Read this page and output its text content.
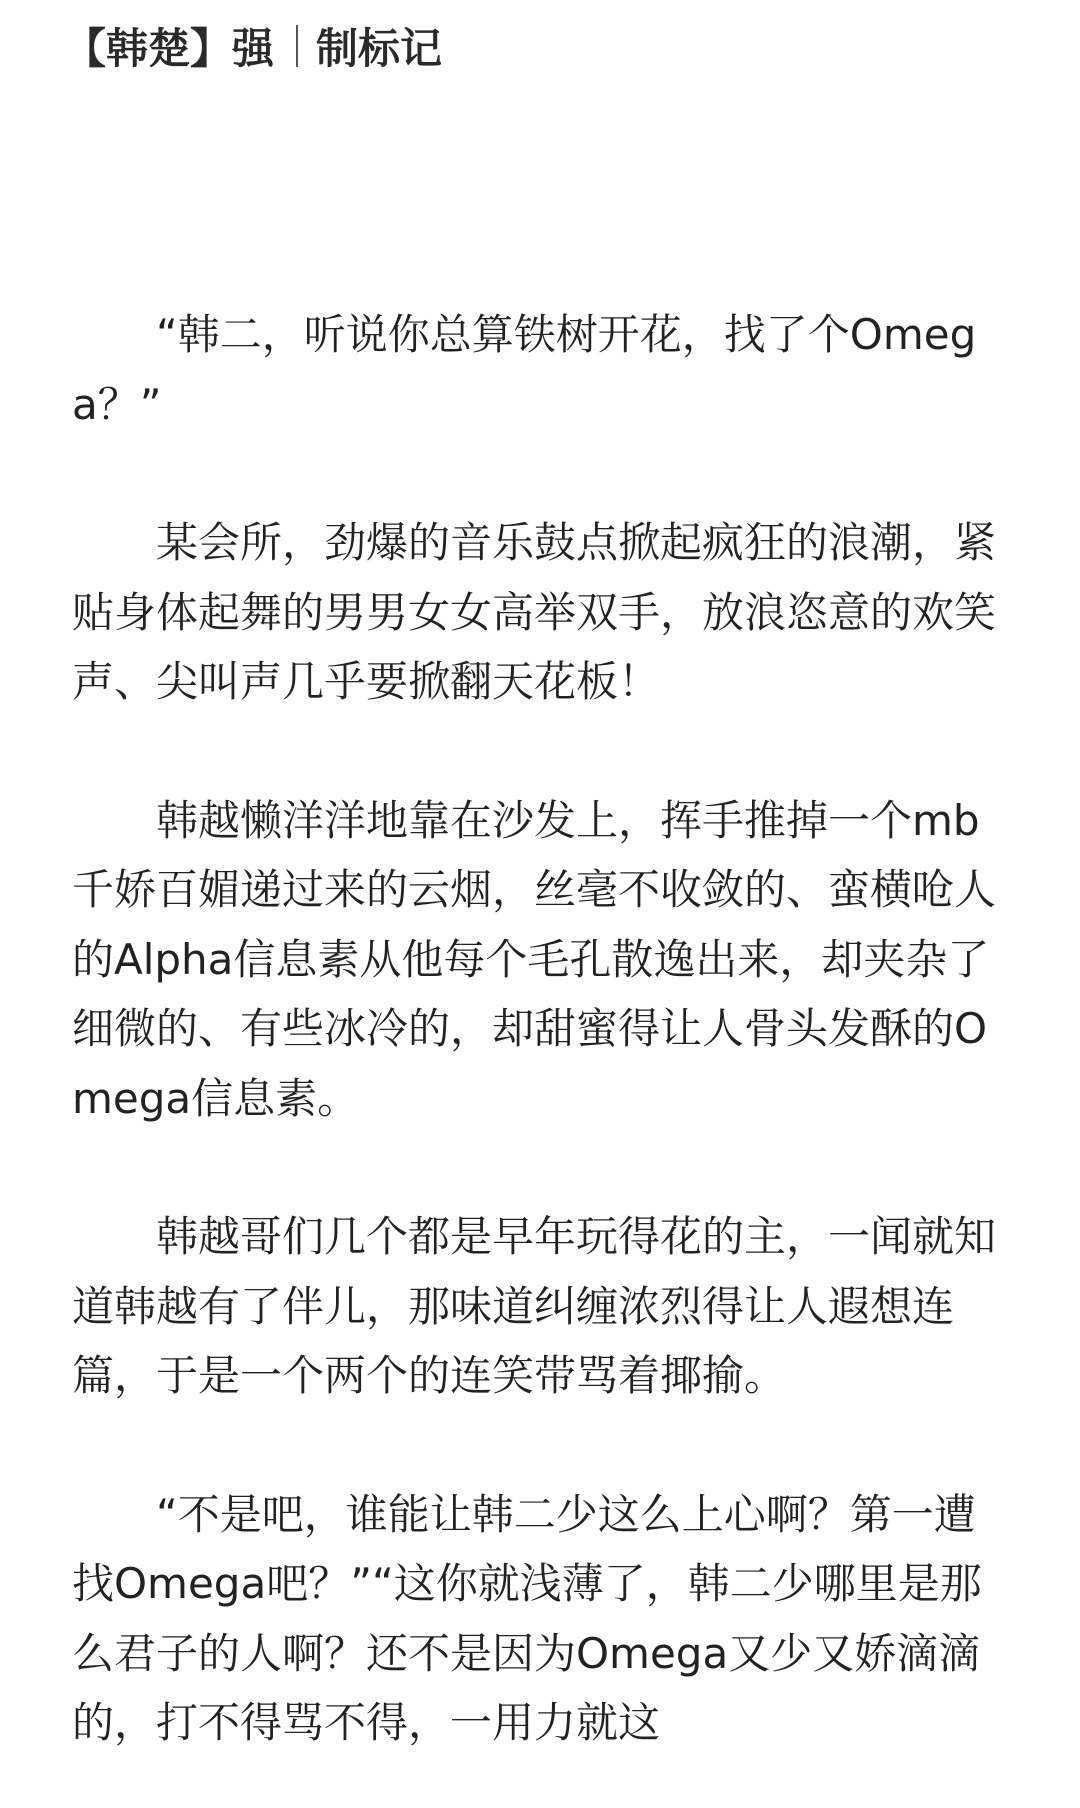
【韩楚】强 制标记

“韩二，听说你总算铁树开花，找了个Omega？”

某会所，劲爆的音乐鼓点掀起疯狂的浪潮，紧贴身体起舞的男男女女高举双手，放浪恣意的欢笑声、尖叫声几乎要掀翻天花板！

韩越懒洋洋地靠在沙发上，挥手推掉一个mb千娇百媚递过来的云烟，丝毫不收敛的、蛮横呛人的Alpha信息素从他每个毛孔散逸出来，却夹杂了细微的、有些冰冷的，却甜蜜得让人骨头发酥的Omega信息素。

韩越哥们几个都是早年玩得花的主，一闻就知道韩越有了伴儿，那味道纠缠浓烈得让人遐想连篇，于是一个两个的连笑带骂着揶揄。

“不是吧，谁能让韩二少这么上心啊？第一遭找Omega吧？”“这你就浅薄了，韩二少哪里是那么君子的人啊？还不是因为Omega又少又娇滴滴的，打不得骂不得，一用力就这
